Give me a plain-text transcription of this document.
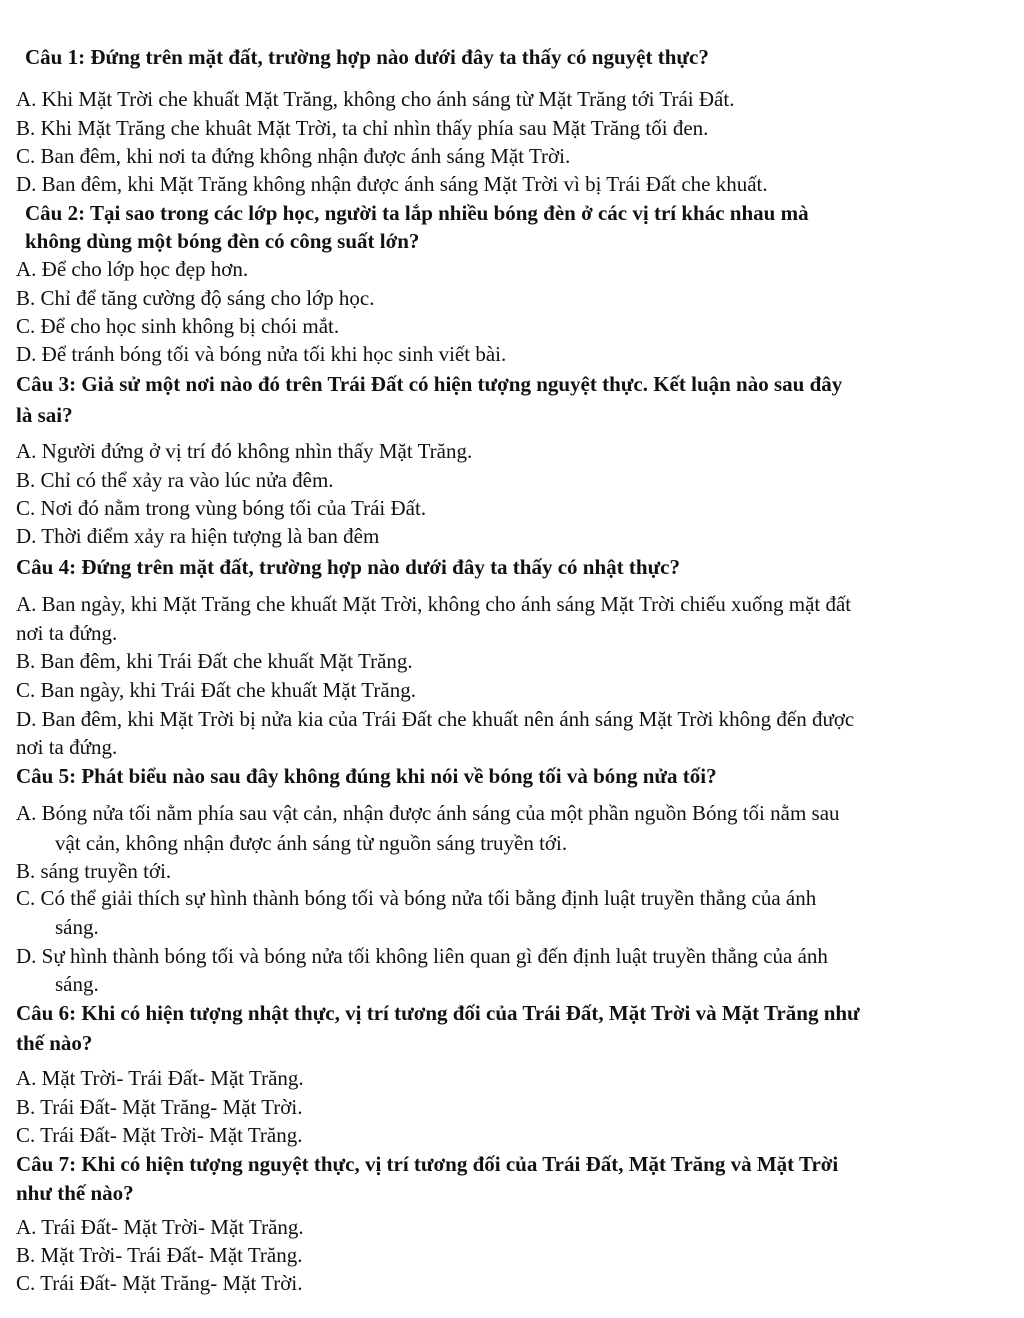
Câu 1: Đứng trên mặt đất, trường hợp nào dưới đây ta thấy có nguyệt thực?
A. Khi Mặt Trời che khuất Mặt Trăng, không cho ánh sáng từ Mặt Trăng tới Trái Đất.
B. Khi Mặt Trăng che khuât Mặt Trời, ta chỉ nhìn thấy phía sau Mặt Trăng tối đen.
C. Ban đêm, khi nơi ta đứng không nhận được ánh sáng Mặt Trời.
D. Ban đêm, khi Mặt Trăng không nhận được ánh sáng Mặt Trời vì bị Trái Đất che khuất.
Câu 2: Tại sao trong các lớp học, người ta lắp nhiều bóng đèn ở các vị trí khác nhau mà
không dùng một bóng đèn có công suất lớn?
A. Để cho lớp học đẹp hơn.
B. Chỉ để tăng cường độ sáng cho lớp học.
C. Để cho học sinh không bị chói mắt.
D. Để tránh bóng tối và bóng nửa tối khi học sinh viết bài.
Câu 3: Giả sử một nơi nào đó trên Trái Đất có hiện tượng nguyệt thực. Kết luận nào sau đây
là sai?
A. Người đứng ở vị trí đó không nhìn thấy Mặt Trăng.
B. Chỉ có thể xảy ra vào lúc nửa đêm.
C. Nơi đó nằm trong vùng bóng tối của Trái Đất.
D. Thời điểm xảy ra hiện tượng là ban đêm
Câu 4: Đứng trên mặt đất, trường hợp nào dưới đây ta thấy có nhật thực?
A. Ban ngày, khi Mặt Trăng che khuất Mặt Trời, không cho ánh sáng Mặt Trời chiếu xuống mặt đất
nơi ta đứng.
B. Ban đêm, khi Trái Đất che khuất Mặt Trăng.
C. Ban ngày, khi Trái Đất che khuất Mặt Trăng.
D. Ban đêm, khi Mặt Trời bị nửa kia của Trái Đất che khuất nên ánh sáng Mặt Trời không đến được
nơi ta đứng.
Câu 5: Phát biểu nào sau đây không đúng khi nói về bóng tối và bóng nửa tối?
A. Bóng nửa tối nằm phía sau vật cản, nhận được ánh sáng của một phần nguồn Bóng tối nằm sau
vật cản, không nhận được ánh sáng từ nguồn sáng truyền tới.
B. sáng truyền tới.
C. Có thể giải thích sự hình thành bóng tối và bóng nửa tối bằng định luật truyền thẳng của ánh
sáng.
D. Sự hình thành bóng tối và bóng nửa tối không liên quan gì đến định luật truyền thẳng của ánh
sáng.
Câu 6: Khi có hiện tượng nhật thực, vị trí tương đối của Trái Đất, Mặt Trời và Mặt Trăng như
thế nào?
A. Mặt Trời- Trái Đất- Mặt Trăng.
B. Trái Đất- Mặt Trăng- Mặt Trời.
C. Trái Đất- Mặt Trời- Mặt Trăng.
Câu 7: Khi có hiện tượng nguyệt thực, vị trí tương đối của Trái Đất, Mặt Trăng và Mặt Trời
như thế nào?
A. Trái Đất- Mặt Trời- Mặt Trăng.
B. Mặt Trời- Trái Đất- Mặt Trăng.
C. Trái Đất- Mặt Trăng- Mặt Trời.
